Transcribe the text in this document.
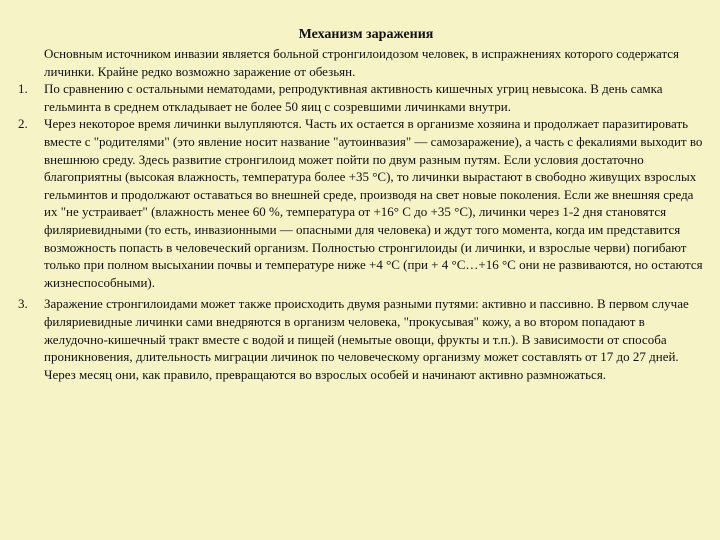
Механизм заражения
Основным источником инвазии является больной стронгилоидозом человек, в испражнениях которого содержатся личинки. Крайне редко возможно заражение от обезьян.
1.	По сравнению с остальными нематодами, репродуктивная активность кишечных угриц невысока. В день самка гельминта в среднем откладывает не более 50 яиц с созревшими личинками внутри.
2.	Через некоторое время личинки вылупляются. Часть их остается в организме хозяина и продолжает паразитировать вместе с "родителями" (это явление носит название "аутоинвазия" — самозаражение), а часть с фекалиями выходит во внешнюю среду. Здесь развитие стронгилоид может пойти по двум разным путям. Если условия достаточно благоприятны (высокая влажность, температура более +35 °С), то личинки вырастают в свободно живущих взрослых гельминтов и продолжают оставаться во внешней среде, производя на свет новые поколения. Если же внешняя среда их "не устраивает" (влажность менее 60 %, температура от +16° С до +35 °С), личинки через 1-2 дня становятся филяриевидными (то есть, инвазионными — опасными для человека) и ждут того момента, когда им представится возможность попасть в человеческий организм. Полностью стронгилоиды (и личинки, и взрослые черви) погибают только при полном высыхании почвы и температуре ниже +4 °С (при + 4 °С…+16 °С они не развиваются, но остаются жизнеспособными).
3.	Заражение стронгилоидами может также происходить двумя разными путями: активно и пассивно. В первом случае филяриевидные личинки сами внедряются в организм человека, "прокусывая" кожу, а во втором попадают в желудочно-кишечный тракт вместе с водой и пищей (немытые овощи, фрукты и т.п.). В зависимости от способа проникновения, длительность миграции личинок по человеческому организму может составлять от 17 до 27 дней. Через месяц они, как правило, превращаются во взрослых особей и начинают активно размножаться.
